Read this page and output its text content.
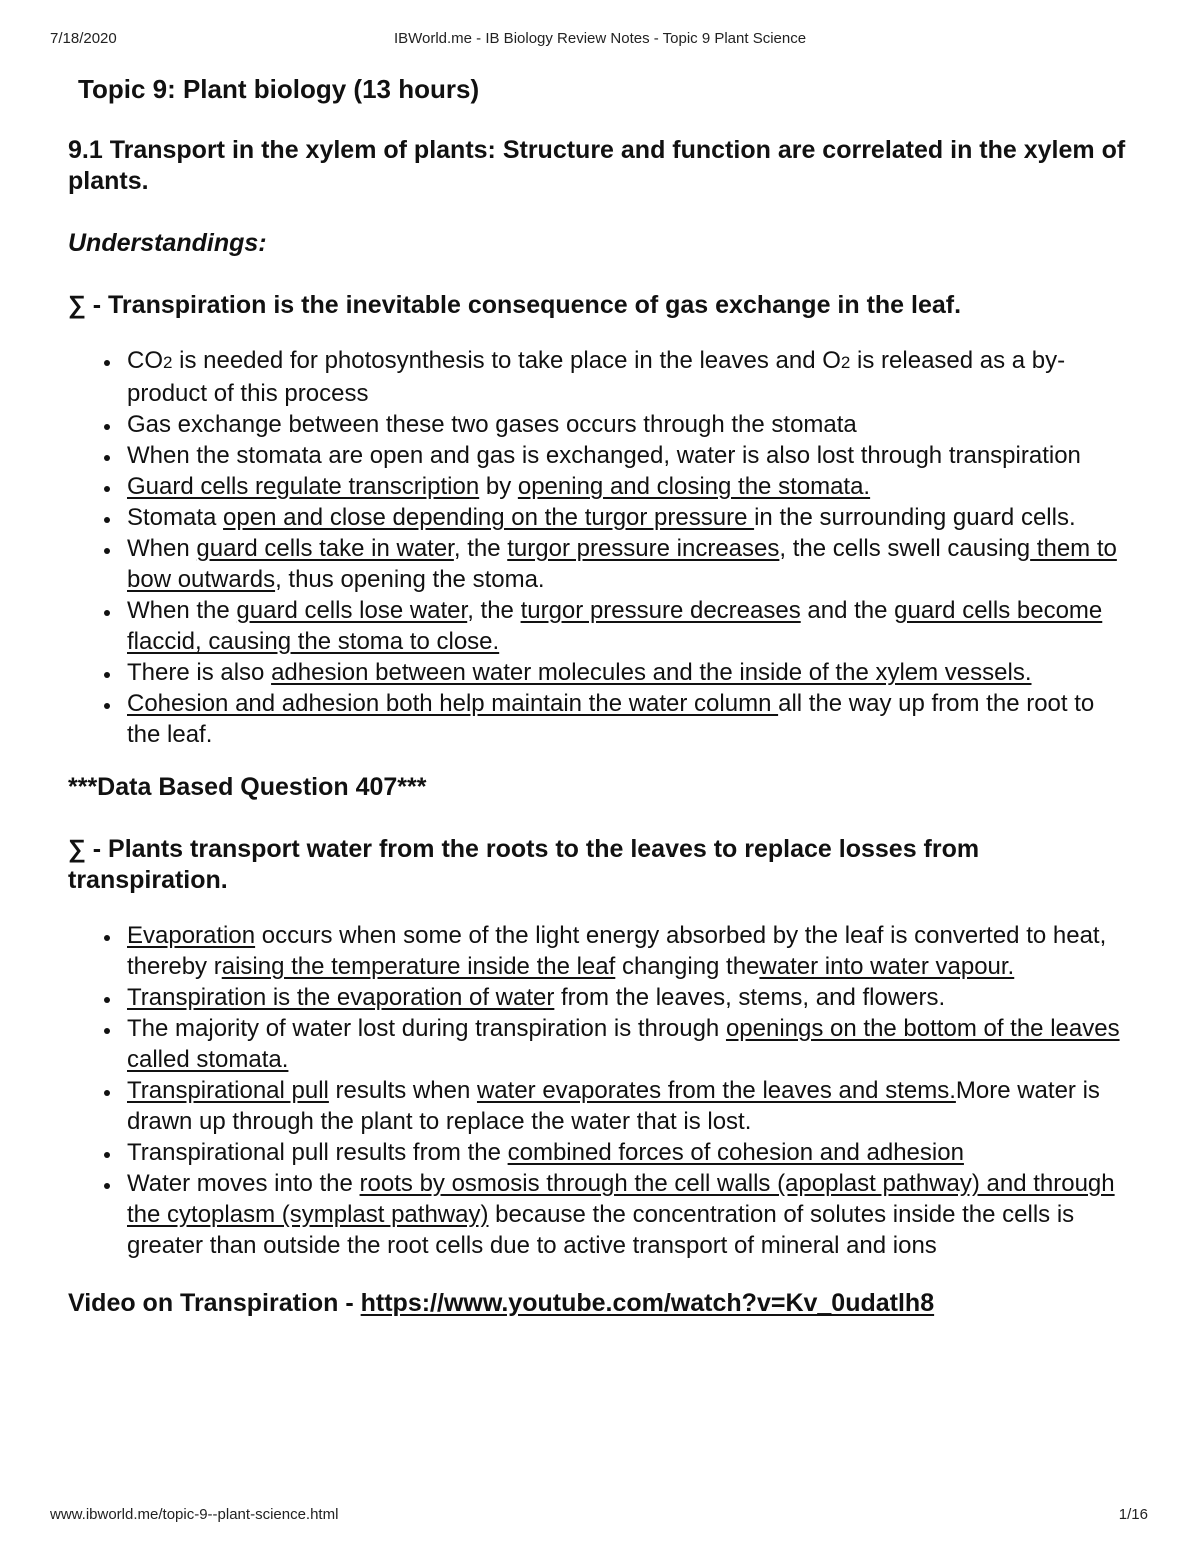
7/18/2020	IBWorld.me - IB Biology Review Notes - Topic 9 Plant Science
Topic 9: Plant biology (13 hours)
9.1 Transport in the xylem of plants: Structure and function are correlated in the xylem of plants.
Understandings:
∑ - Transpiration is the inevitable consequence of gas exchange in the leaf.
CO2 is needed for photosynthesis to take place in the leaves and O2 is released as a by-product of this process
Gas exchange between these two gases occurs through the stomata
When the stomata are open and gas is exchanged, water is also lost through transpiration
Guard cells regulate transcription by opening and closing the stomata.
Stomata open and close depending on the turgor pressure in the surrounding guard cells.
When guard cells take in water, the turgor pressure increases, the cells swell causing them to bow outwards, thus opening the stoma.
When the guard cells lose water, the turgor pressure decreases and the guard cells become flaccid, causing the stoma to close.
There is also adhesion between water molecules and the inside of the xylem vessels.
Cohesion and adhesion both help maintain the water column all the way up from the root to the leaf.
***Data Based Question 407***
∑ - Plants transport water from the roots to the leaves to replace losses from transpiration.
Evaporation occurs when some of the light energy absorbed by the leaf is converted to heat, thereby raising the temperature inside the leaf changing thewater into water vapour.
Transpiration is the evaporation of water from the leaves, stems, and flowers.
The majority of water lost during transpiration is through openings on the bottom of the leaves called stomata.
Transpirational pull results when water evaporates from the leaves and stems.More water is drawn up through the plant to replace the water that is lost.
Transpirational pull results from the combined forces of cohesion and adhesion
Water moves into the roots by osmosis through the cell walls (apoplast pathway) and through the cytoplasm (symplast pathway) because the concentration of solutes inside the cells is greater than outside the root cells due to active transport of mineral and ions
Video on Transpiration - https://www.youtube.com/watch?v=Kv_0udatlh8
www.ibworld.me/topic-9--plant-science.html	1/16
